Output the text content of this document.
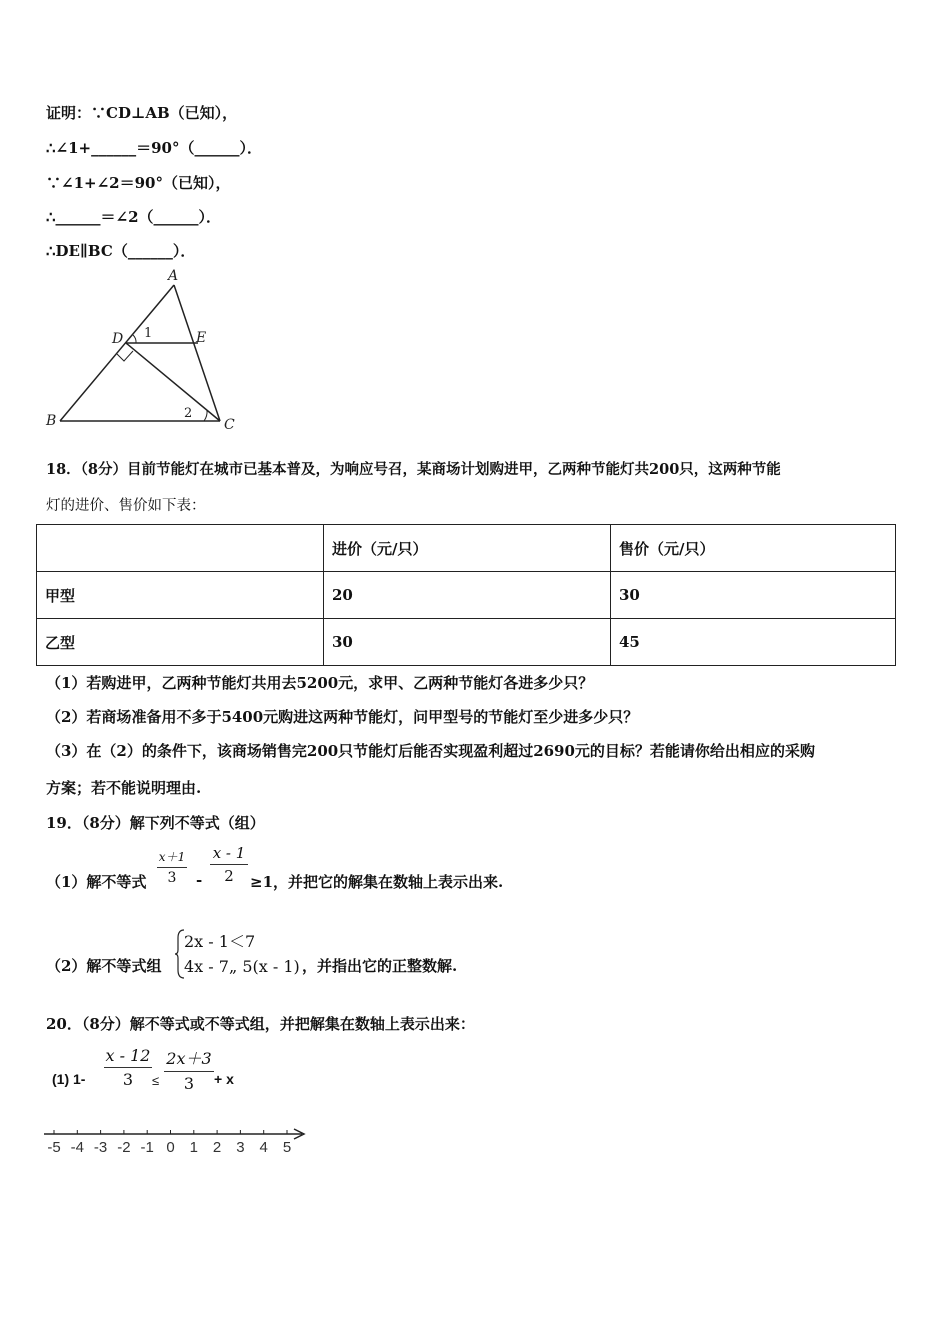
证明：∵CD⊥AB（已知），
∴∠1+______＝90°（______）．
∵∠1+∠2＝90°（已知），
∴______＝∠2（______）．
∴DE∥BC（______）．
A
B	C
D	E
1
2
18．（8分）目前节能灯在城市已基本普及，为响应号召，某商场计划购进甲，乙两种节能灯共200只，这两种节能
灯的进价、售价如下表：
	进价（元/只）	售价（元/只）
甲型	20	30
乙型	30	45
（1）若购进甲，乙两种节能灯共用去5200元，求甲、乙两种节能灯各进多少只？
（2）若商场准备用不多于5400元购进这两种节能灯，问甲型号的节能灯至少进多少只？
（3）在（2）的条件下，该商场销售完200只节能灯后能否实现盈利超过2690元的目标？若能请你给出相应的采购
方案；若不能说明理由.
19．（8分）解下列不等式（组）
（1）解不等式
x＋1
3	-
x - 1
2	≥1，并把它的解集在数轴上表示出来.
（2）解不等式组
2x - 1＜7
4x - 7„ 5(x - 1) ，并指出它的正整数解.
20．（8分）解不等式或不等式组，并把解集在数轴上表示出来：
(1) 1-
x - 12
3	≤
2x＋3
3	+ x
-5 -4 -3 -2 -1 0 1 2 3 4 5
